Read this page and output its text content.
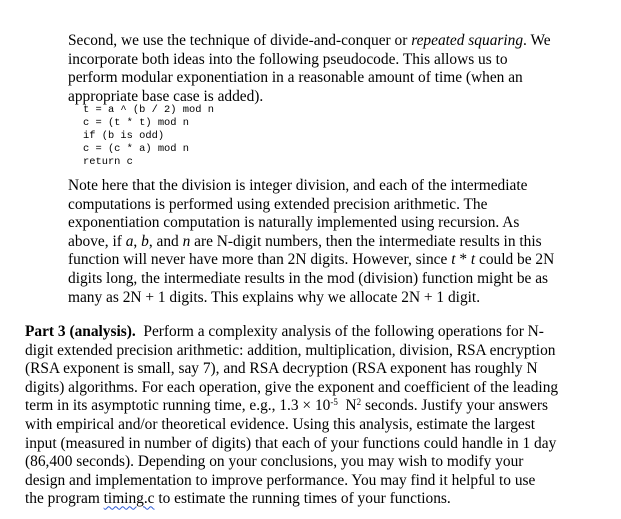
Second, we use the technique of divide-and-conquer or repeated squaring. We
incorporate both ideas into the following pseudocode. This allows us to
perform modular exponentiation in a reasonable amount of time (when an
appropriate base case is added).
t = a ^ (b / 2) mod n
c = (t * t) mod n
if (b is odd)
c = (c * a) mod n
return c
Note here that the division is integer division, and each of the intermediate
computations is performed using extended precision arithmetic. The
exponentiation computation is naturally implemented using recursion. As
above, if a, b, and n are N-digit numbers, then the intermediate results in this
function will never have more than 2N digits. However, since t * t could be 2N
digits long, the intermediate results in the mod (division) function might be as
many as 2N + 1 digits. This explains why we allocate 2N + 1 digit.
Part 3 (analysis).  Perform a complexity analysis of the following operations for N-
digit extended precision arithmetic: addition, multiplication, division, RSA encryption
(RSA exponent is small, say 7), and RSA decryption (RSA exponent has roughly N
digits) algorithms. For each operation, give the exponent and coefficient of the leading
term in its asymptotic running time, e.g., $1.3 \times 10^{-5}$  $N^2$ seconds. Justify your answers
with empirical and/or theoretical evidence. Using this analysis, estimate the largest
input (measured in number of digits) that each of your functions could handle in 1 day
(86,400 seconds). Depending on your conclusions, you may wish to modify your
design and implementation to improve performance. You may find it helpful to use
the program timing.c to estimate the running times of your functions.
